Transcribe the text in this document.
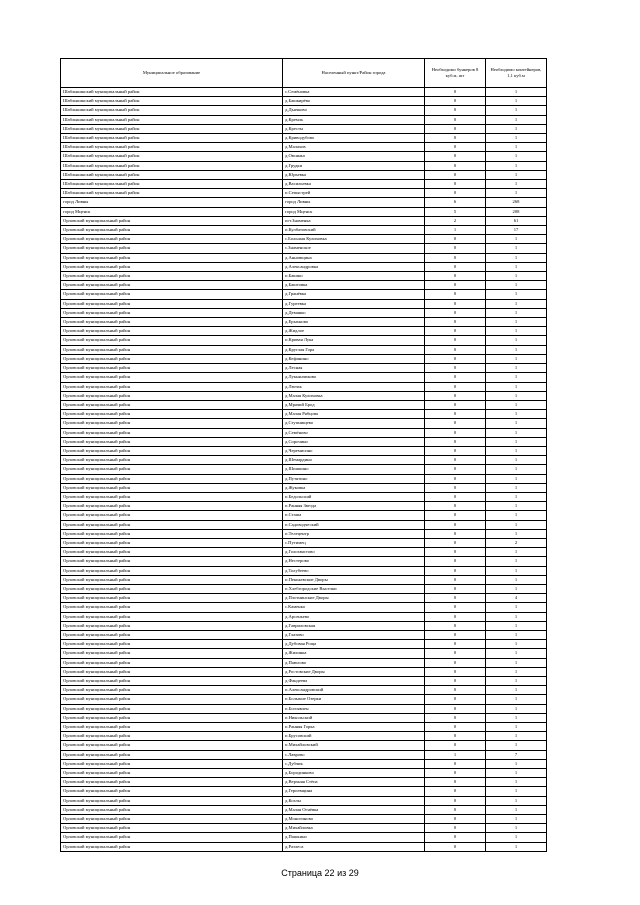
Муниципальное образование	Населенный пункт/Район города	Необходимо бункеров 8 куб.м, шт	Необходимо контейнеров, 1,1 куб.м
Шаблыкинский муниципальный район	с.Семёновка	0	1
Шаблыкинский муниципальный район	д.Башкирёво	0	1
Шаблыкинский муниципальный район	д.Дьячково	0	1
Шаблыкинский муниципальный район	д.Кремль	0	1
Шаблыкинский муниципальный район	д.Кресты	0	1
Шаблыкинский муниципальный район	д.Криводубово	0	1
Шаблыкинский муниципальный район	д.Малахов	0	1
Шаблыкинский муниципальный район	д.Овсянка	0	1
Шаблыкинский муниципальный район	д.Грудки	0	1
Шаблыкинский муниципальный район	д.Юрьевка	0	1
Шаблыкинский муниципальный район	д.Васильевка	0	1
Шаблыкинский муниципальный район	п.Сепыстрей	0	1
город Ливны	город Ливны	6	268
город Мценск	город Мценск	5	208
Орловский муниципальный район	пгт.Знаменка	2	61
Орловский муниципальный район	п.Кулбатовский	1	17
Орловский муниципальный район	с.Большая Кулиховка	0	1
Орловский муниципальный район	с.Знаменское	0	1
Орловский муниципальный район	д.Анновщина	0	1
Орловский муниципальный район	д.Александровка	0	1
Орловский муниципальный район	п.Бакино	0	1
Орловский муниципальный район	д.Баштовка	0	1
Орловский муниципальный район	д.Гранёвка	0	1
Орловский муниципальный район	д.Гуреевка	0	1
Орловский муниципальный район	д.Демянко	0	1
Орловский муниципальный район	д.Ерыхново	0	1
Орловский муниципальный район	д.Жидлое	0	1
Орловский муниципальный район	п.Кривая Лука	0	1
Орловский муниципальный район	д.Круглая Гора	0	1
Орловский муниципальный район	д.Кефинино	0	1
Орловский муниципальный район	д.Лесная	0	1
Орловский муниципальный район	д.Лукьянчиково	0	1
Орловский муниципальный район	д.Лютик	0	1
Орловский муниципальный район	д.Малая Кулиховка	0	1
Орловский муниципальный район	д.Мрачий Брод	0	1
Орловский муниципальный район	д.Малая Рябцова	0	1
Орловский муниципальный район	д.Ступнищево	0	1
Орловский муниципальный район	д.Семёново	0	1
Орловский муниципальный район	д.Сорочино	0	1
Орловский муниципальный район	д.Черемисино	0	1
Орловский муниципальный район	д.Шемардино	0	1
Орловский муниципальный район	д.Шишкино	0	1
Орловский муниципальный район	д.Путятино	0	1
Орловский муниципальный район	д.Жуковка	0	1
Орловский муниципальный район	п.Бедольский	0	1
Орловский муниципальный район	п.Ранняя Звезда	0	1
Орловский муниципальный район	п.Сташа	0	1
Орловский муниципальный район	п.Садоводческий	0	1
Орловский муниципальный район	п.Телецентр	0	1
Орловский муниципальный район	с.Путимец	0	2
Орловский муниципальный район	д.Голохвастово	0	1
Орловский муниципальный район	д.Нестерово	0	1
Орловский муниципальный район	д.Толубеево	0	1
Орловский муниципальный район	п.Пенькевские Дворы	0	1
Орловский муниципальный район	п.Хлебгородские Выселки	0	1
Орловский муниципальный район	д.Плотнинские Дворы	0	4
Орловский муниципальный район	с.Каменка	0	1
Орловский муниципальный район	д.Арсеньево	0	1
Орловский муниципальный район	д.Гавриловская	0	1
Орловский муниципальный район	д.Глазово	0	1
Орловский муниципальный район	д.Дубовая Роща	0	1
Орловский муниципальный район	д.Жилинка	0	1
Орловский муниципальный район	д.Паюлово	0	1
Орловский муниципальный район	д.Ростовские Дворы	0	1
Орловский муниципальный район	д.Фандеева	0	1
Орловский муниципальный район	п.Александровский	0	1
Орловский муниципальный район	п.Большие Озерки	0	1
Орловский муниципальный район	п.Богоявлен	0	1
Орловский муниципальный район	п.Никольский	0	1
Орловский муниципальный район	п.Ранняя Горка	0	1
Орловский муниципальный район	п.Брусовский	0	1
Орловский муниципальный район	п.Михайловский	0	1
Орловский муниципальный район	с.Лаврово	1	7
Орловский муниципальный район	с.Дубчик	0	1
Орловский муниципальный район	д.Бородинково	0	1
Орловский муниципальный район	д.Верхняя Стёпа	0	1
Орловский муниципальный район	д.Героевщина	0	1
Орловский муниципальный район	д.Козлы	0	1
Орловский муниципальный район	д.Малая Огнёвка	0	1
Орловский муниципальный район	д.Моногинова	0	1
Орловский муниципальный район	д.Михайловка	0	1
Орловский муниципальный район	д.Пашкино	0	1
Орловский муниципальный район	д.Разлеса	0	1
Страница 22 из 29
